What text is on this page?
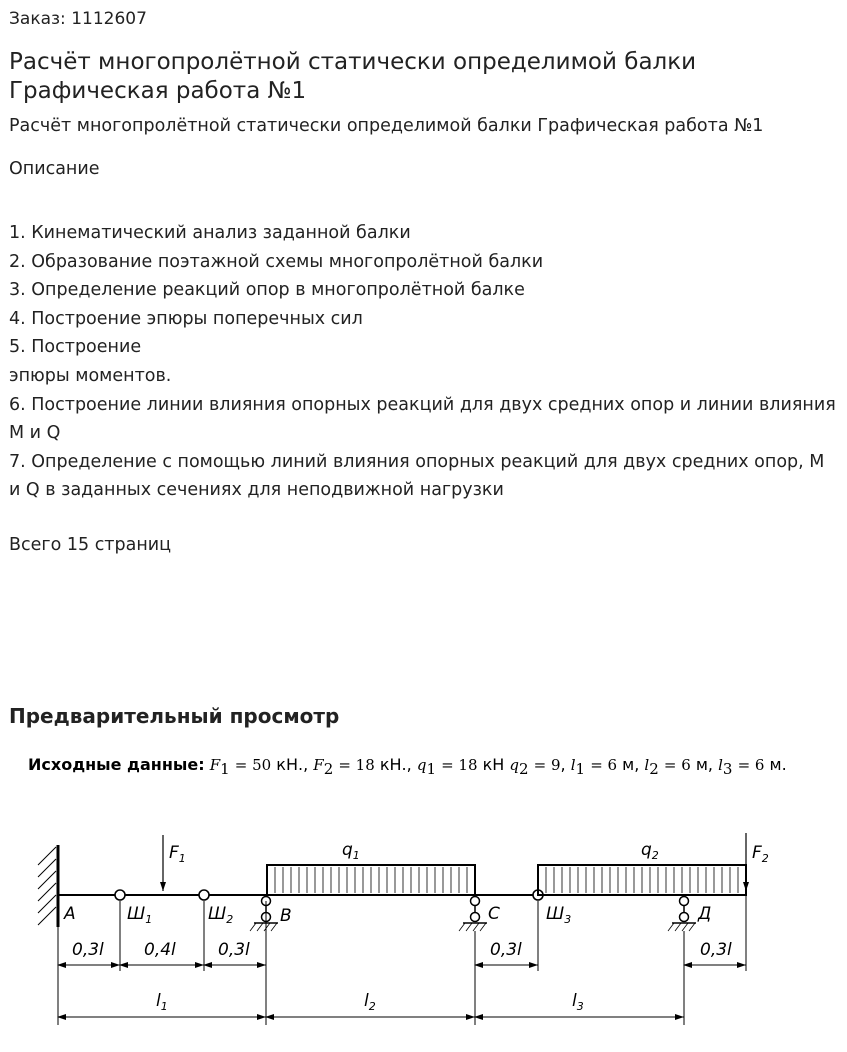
Заказ: 1112607
Расчёт многопролётной статически определимой балки Графическая работа №1
Расчёт многопролётной статически определимой балки Графическая работа №1
Описание
1. Кинематический анализ заданной балки
2. Образование поэтажной схемы многопролётной балки
3. Определение реакций опор в многопролётной балке
4. Построение эпюры поперечных сил
5. Построение
эпюры моментов.
6. Построение линии влияния опорных реакций для двух средних опор и линии влияния М и Q
7. Определение с помощью линий влияния опорных реакций для двух средних опор, М и Q в заданных сечениях для неподвижной нагрузки
Всего 15 страниц
Предварительный просмотр
Исходные данные: $F_1 = 50$ кН., $F_2 = 18$ кН., $q_1 = 18$ кН $q_2 = 9$, $l_1 = 6$ м, $l_2 = 6$ м, $l_3 = 6$ м.
$F_1$	$q_1$	$q_2$	$F_2$
A	$Ш_1$	$Ш_2$	B	C	$Ш_3$	Д
0,3l 0,4l 0,3l	0,3l	0,3l
$l_1$	$l_2$	$l_3$
